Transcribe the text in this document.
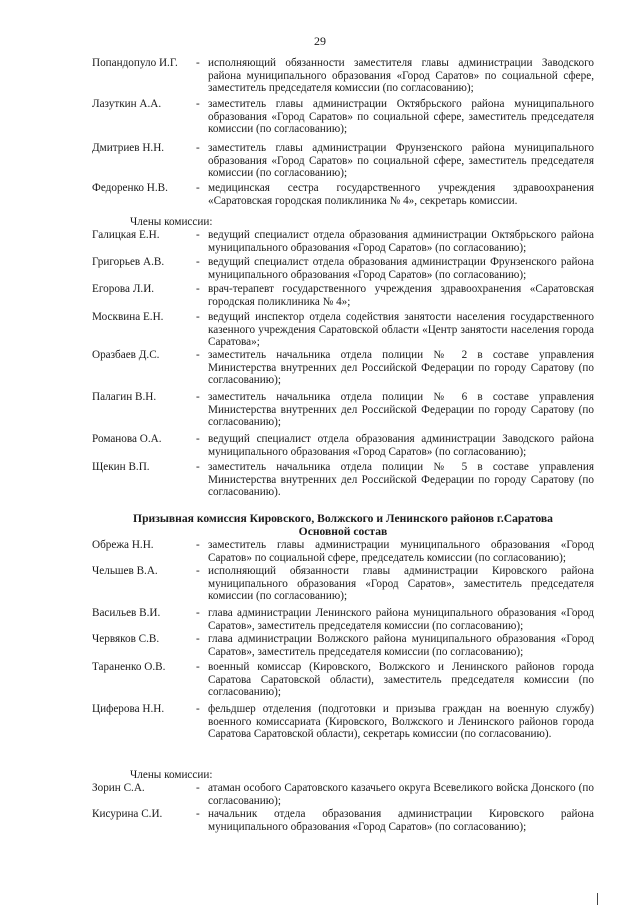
29
Попандопуло И.Г. - исполняющий обязанности заместителя главы администрации Заводского района муниципального образования «Город Саратов» по социальной сфере, заместитель председателя комиссии (по согласованию);
Лазуткин А.А.	- заместитель главы администрации Октябрьского района муниципального образования «Город Саратов» по социальной сфере, заместитель председателя комиссии (по согласованию);
Дмитриев Н.Н.	- заместитель главы администрации Фрунзенского района муниципального образования «Город Саратов» по социальной сфере, заместитель председателя комиссии (по согласованию);
Федоренко Н.В.	- медицинская сестра государственного учреждения здравоохранения «Саратовская городская поликлиника № 4», секретарь комиссии.

Члены комиссии:

Галицкая Е.Н.	- ведущий специалист отдела образования администрации Октябрьского района муниципального образования «Город Саратов» (по согласованию);
Григорьев А.В.	- ведущий специалист отдела образования администрации Фрунзенского района муниципального образования «Город Саратов» (по согласованию);
Егорова Л.И.	- врач-терапевт государственного учреждения здравоохранения «Саратовская городская поликлиника № 4»;
Москвина Е.Н.	- ведущий инспектор отдела содействия занятости населения государственного казенного учреждения Саратовской области «Центр занятости населения города Саратова»;
Оразбаев Д.С.	- заместитель начальника отдела полиции № 2 в составе управления Министерства внутренних дел Российской Федерации по городу Саратову (по согласованию);
Палагин В.Н.	- заместитель начальника отдела полиции № 6 в составе управления Министерства внутренних дел Российской Федерации по городу Саратову (по согласованию);
Романова О.А.	- ведущий специалист отдела образования администрации Заводского района муниципального образования «Город Саратов» (по согласованию);
Щекин В.П.	- заместитель начальника отдела полиции № 5 в составе управления Министерства внутренних дел Российской Федерации по городу Саратову (по согласованию).
Призывная комиссия Кировского, Волжского и Ленинского районов г.Саратова
Основной состав
Обрежа Н.Н.	- заместитель главы администрации муниципального образования «Город Саратов» по социальной сфере, председатель комиссии (по согласованию);
Чельшев В.А.	- исполняющий обязанности главы администрации Кировского района муниципального образования «Город Саратов», заместитель председателя комиссии (по согласованию);
Васильев В.И.	- глава администрации Ленинского района муниципального образования «Город Саратов», заместитель председателя комиссии (по согласованию);
Червяков С.В.	- глава администрации Волжского района муниципального образования «Город Саратов», заместитель председателя комиссии (по согласованию);
Тараненко О.В.	- военный комиссар (Кировского, Волжского и Ленинского районов города Саратова Саратовской области), заместитель председателя комиссии (по согласованию);
Циферова Н.Н.	- фельдшер отделения (подготовки и призыва граждан на военную службу) военного комиссариата (Кировского, Волжского и Ленинского районов города Саратова Саратовской области), секретарь комиссии (по согласованию).

Члены комиссии:

Зорин С.А.	- атаман особого Саратовского казачьего округа Всевеликого войска Донского (по согласованию);
Кисурина С.И.	- начальник отдела образования администрации Кировского района муниципального образования «Город Саратов» (по согласованию);
